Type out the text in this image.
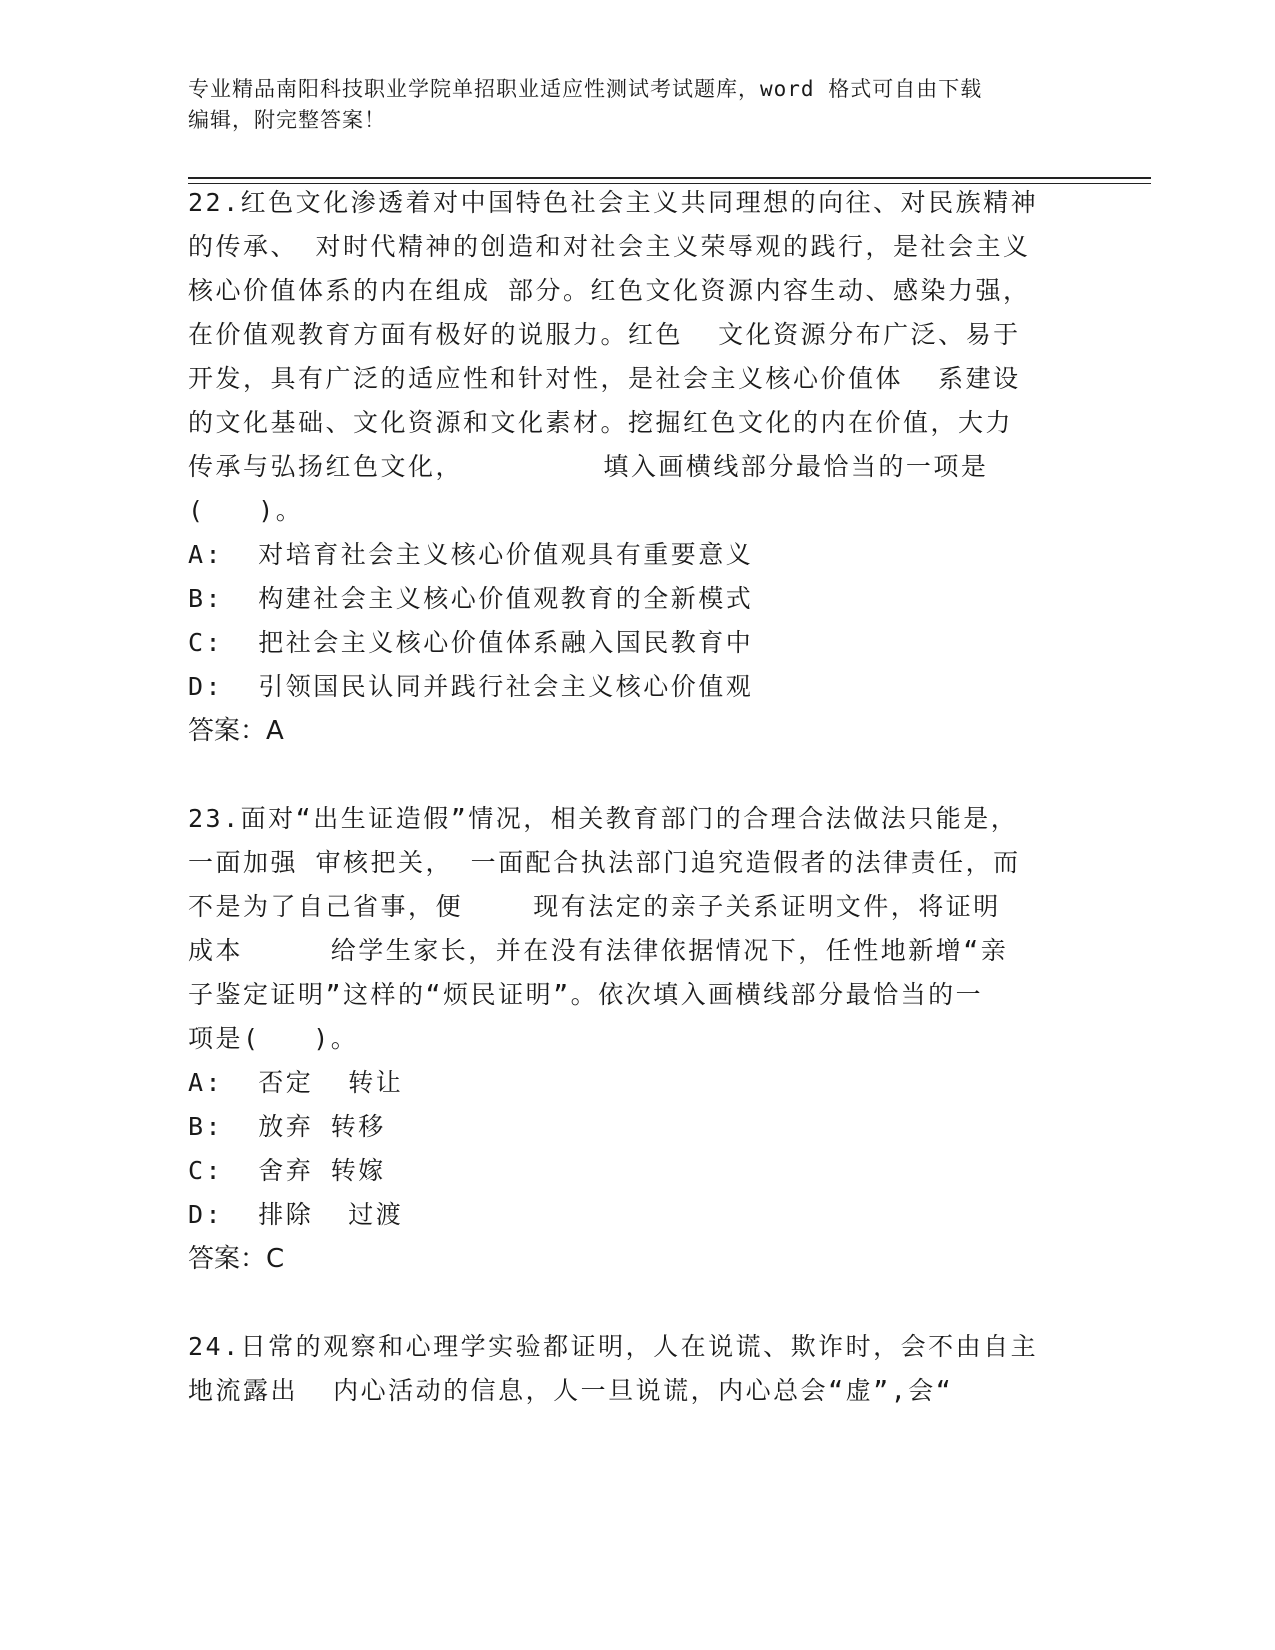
专业精品南阳科技职业学院单招职业适应性测试考试题库，word 格式可自由下载
编辑，附完整答案！
22.红色文化渗透着对中国特色社会主义共同理想的向往、对民族精神
的传承、 对时代精神的创造和对社会主义荣辱观的践行，是社会主义
核心价值体系的内在组成 部分。红色文化资源内容生动、感染力强，
在价值观教育方面有极好的说服力。红色  文化资源分布广泛、易于
开发，具有广泛的适应性和针对性，是社会主义核心价值体  系建设
的文化基础、文化资源和文化素材。挖掘红色文化的内在价值，大力
传承与弘扬红色文化，        填入画横线部分最恰当的一项是
(   )。
A:  对培育社会主义核心价值观具有重要意义
B:  构建社会主义核心价值观教育的全新模式
C:  把社会主义核心价值体系融入国民教育中
D:  引领国民认同并践行社会主义核心价值观
答案：A
23.面对“出生证造假”情况，相关教育部门的合理合法做法只能是，
一面加强 审核把关， 一面配合执法部门追究造假者的法律责任，而
不是为了自己省事，便    现有法定的亲子关系证明文件，将证明
成本     给学生家长，并在没有法律依据情况下，任性地新增“亲
子鉴定证明”这样的“烦民证明”。依次填入画横线部分最恰当的一
项是(   )。
A:  否定  转让
B:  放弃 转移
C:  舍弃 转嫁
D:  排除  过渡
答案：C
24.日常的观察和心理学实验都证明，人在说谎、欺诈时，会不由自主
地流露出  内心活动的信息，人一旦说谎，内心总会“虚”,会“
